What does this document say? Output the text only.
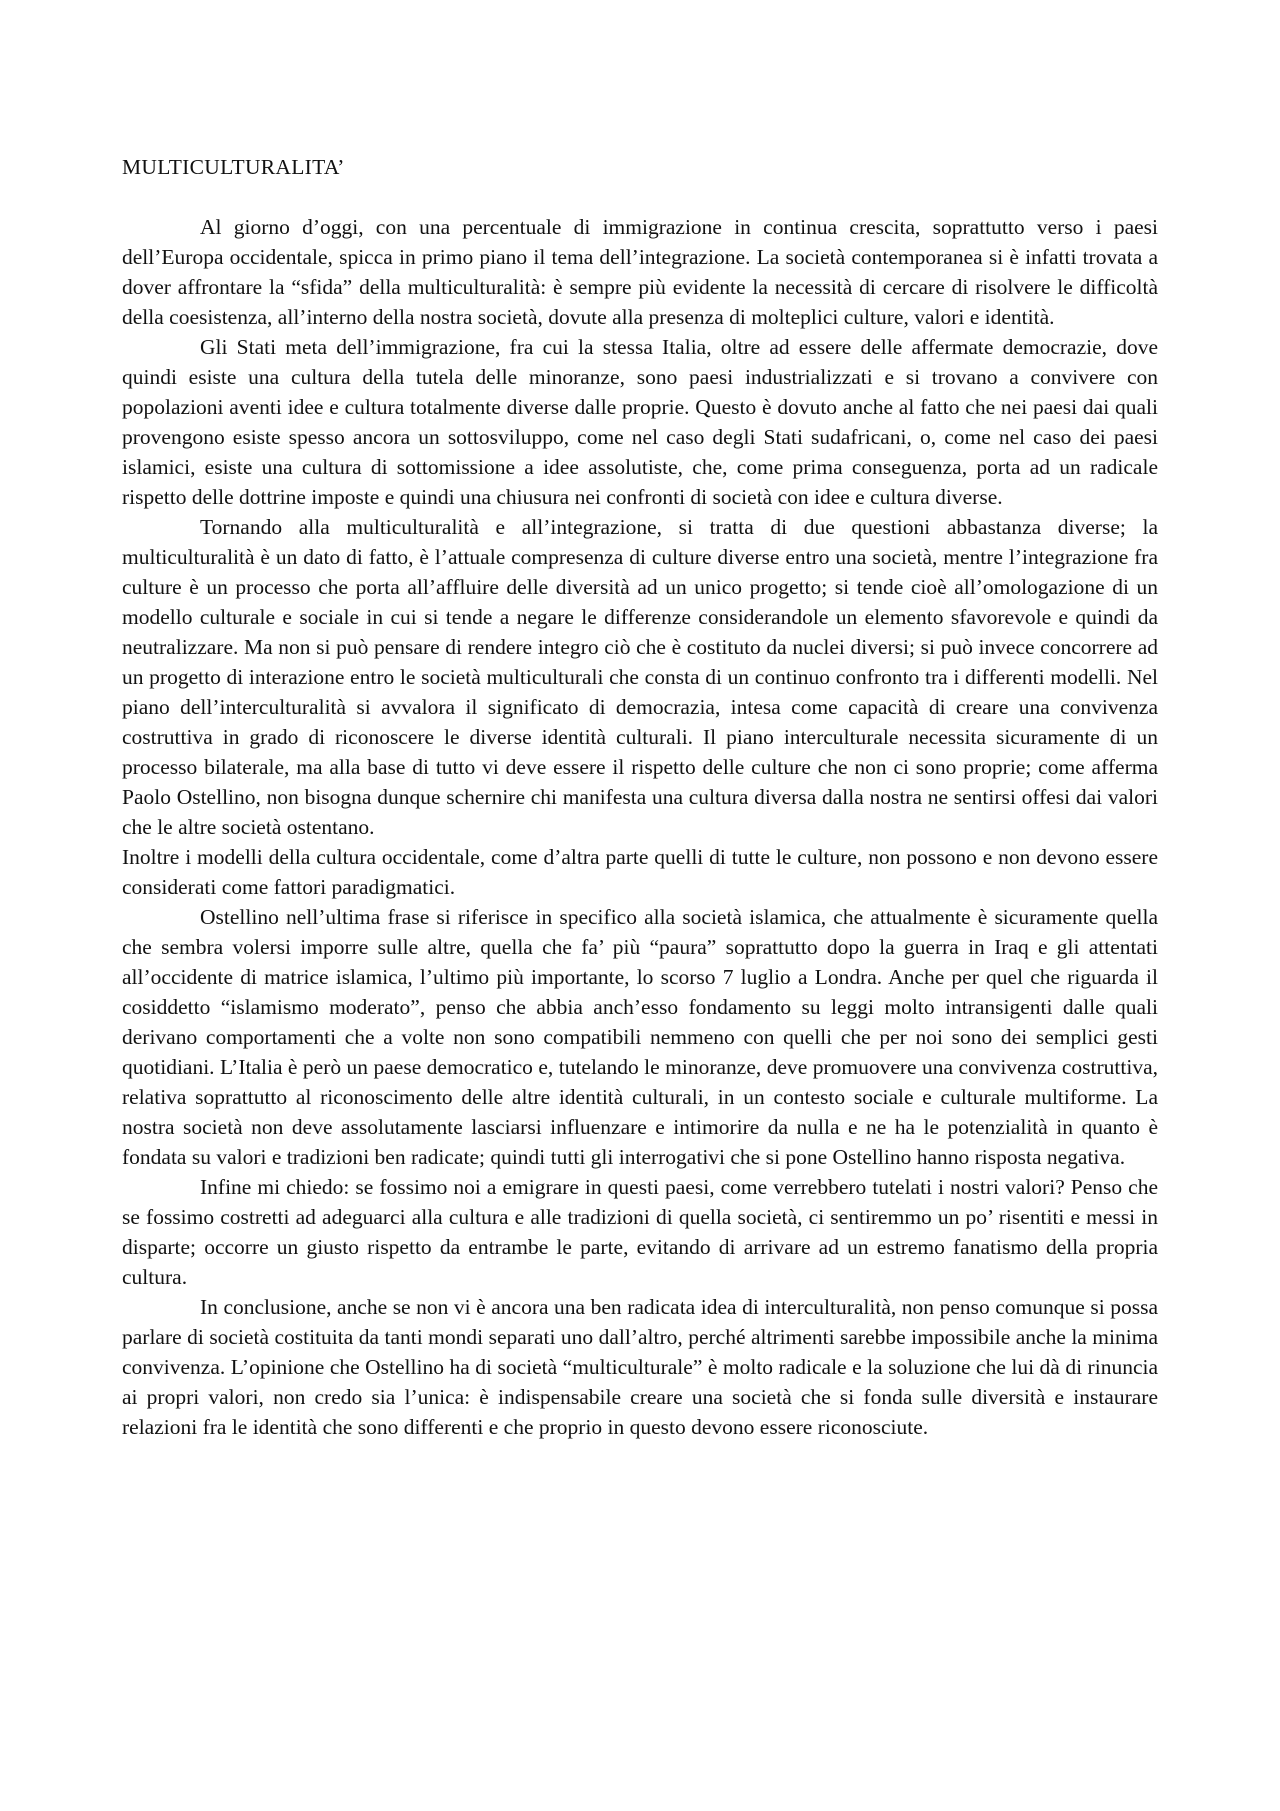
MULTICULTURALITA’

Al giorno d’oggi, con una percentuale di immigrazione in continua crescita, soprattutto verso i paesi dell’Europa occidentale, spicca in primo piano il tema dell’integrazione. La società contemporanea si è infatti trovata a dover affrontare la “sfida” della multiculturalità: è sempre più evidente la necessità di cercare di risolvere le difficoltà della coesistenza, all’interno della nostra società, dovute alla presenza di molteplici culture, valori e identità.

Gli Stati meta dell’immigrazione, fra cui la stessa Italia, oltre ad essere delle affermate democrazie, dove quindi esiste una cultura della tutela delle minoranze, sono paesi industrializzati e si trovano a convivere con popolazioni aventi idee e cultura totalmente diverse dalle proprie. Questo è dovuto anche al fatto che nei paesi dai quali provengono esiste spesso ancora un sottosviluppo, come nel caso degli Stati sudafricani, o, come nel caso dei paesi islamici, esiste una cultura di sottomissione a idee assolutiste, che, come prima conseguenza, porta ad un radicale rispetto delle dottrine imposte e quindi una chiusura nei confronti di società con idee e cultura diverse.

Tornando alla multiculturalità e all’integrazione, si tratta di due questioni abbastanza diverse; la multiculturalità è un dato di fatto, è l’attuale compresenza di culture diverse entro una società, mentre l’integrazione fra culture è un processo che porta all’affluire delle diversità ad un unico progetto; si tende cioè all’omologazione di un modello culturale e sociale in cui si tende a negare le differenze considerandole un elemento sfavorevole e quindi da neutralizzare. Ma non si può pensare di rendere integro ciò che è costituto da nuclei diversi; si può invece concorrere ad un progetto di interazione entro le società multiculturali che consta di un continuo confronto tra i differenti modelli. Nel piano dell’interculturalità si avvalora il significato di democrazia, intesa come capacità di creare una convivenza costruttiva in grado di riconoscere le diverse identità culturali. Il piano interculturale necessita sicuramente di un processo bilaterale, ma alla base di tutto vi deve essere il rispetto delle culture che non ci sono proprie; come afferma Paolo Ostellino, non bisogna dunque schernire chi manifesta una cultura diversa dalla nostra ne sentirsi offesi dai valori che le altre società ostentano.

Inoltre i modelli della cultura occidentale, come d’altra parte quelli di tutte le culture, non possono e non devono essere considerati come fattori paradigmatici.

Ostellino nell’ultima frase si riferisce in specifico alla società islamica, che attualmente è sicuramente quella che sembra volersi imporre sulle altre, quella che fa’ più “paura” soprattutto dopo la guerra in Iraq e gli attentati all’occidente di matrice islamica, l’ultimo più importante, lo scorso 7 luglio a Londra. Anche per quel che riguarda il cosiddetto “islamismo moderato”, penso che abbia anch’esso fondamento su leggi molto intransigenti dalle quali derivano comportamenti che a volte non sono compatibili nemmeno con quelli che per noi sono dei semplici gesti quotidiani. L’Italia è però un paese democratico e, tutelando le minoranze, deve promuovere una convivenza costruttiva, relativa soprattutto al riconoscimento delle altre identità culturali, in un contesto sociale e culturale multiforme. La nostra società non deve assolutamente lasciarsi influenzare e intimorire da nulla e ne ha le potenzialità in quanto è fondata su valori e tradizioni ben radicate; quindi tutti gli interrogativi che si pone Ostellino hanno risposta negativa.

Infine mi chiedo: se fossimo noi a emigrare in questi paesi, come verrebbero tutelati i nostri valori? Penso che se fossimo costretti ad adeguarci alla cultura e alle tradizioni di quella società, ci sentiremmo un po’ risentiti e messi in disparte; occorre un giusto rispetto da entrambe le parte, evitando di arrivare ad un estremo fanatismo della propria cultura.

In conclusione, anche se non vi è ancora una ben radicata idea di interculturalità, non penso comunque si possa parlare di società costituita da tanti mondi separati uno dall’altro, perché altrimenti sarebbe impossibile anche la minima convivenza. L’opinione che Ostellino ha di società “multiculturale” è molto radicale e la soluzione che lui dà di rinuncia ai propri valori, non credo sia l’unica: è indispensabile creare una società che si fonda sulle diversità e instaurare relazioni fra le identità che sono differenti e che proprio in questo devono essere riconosciute.
